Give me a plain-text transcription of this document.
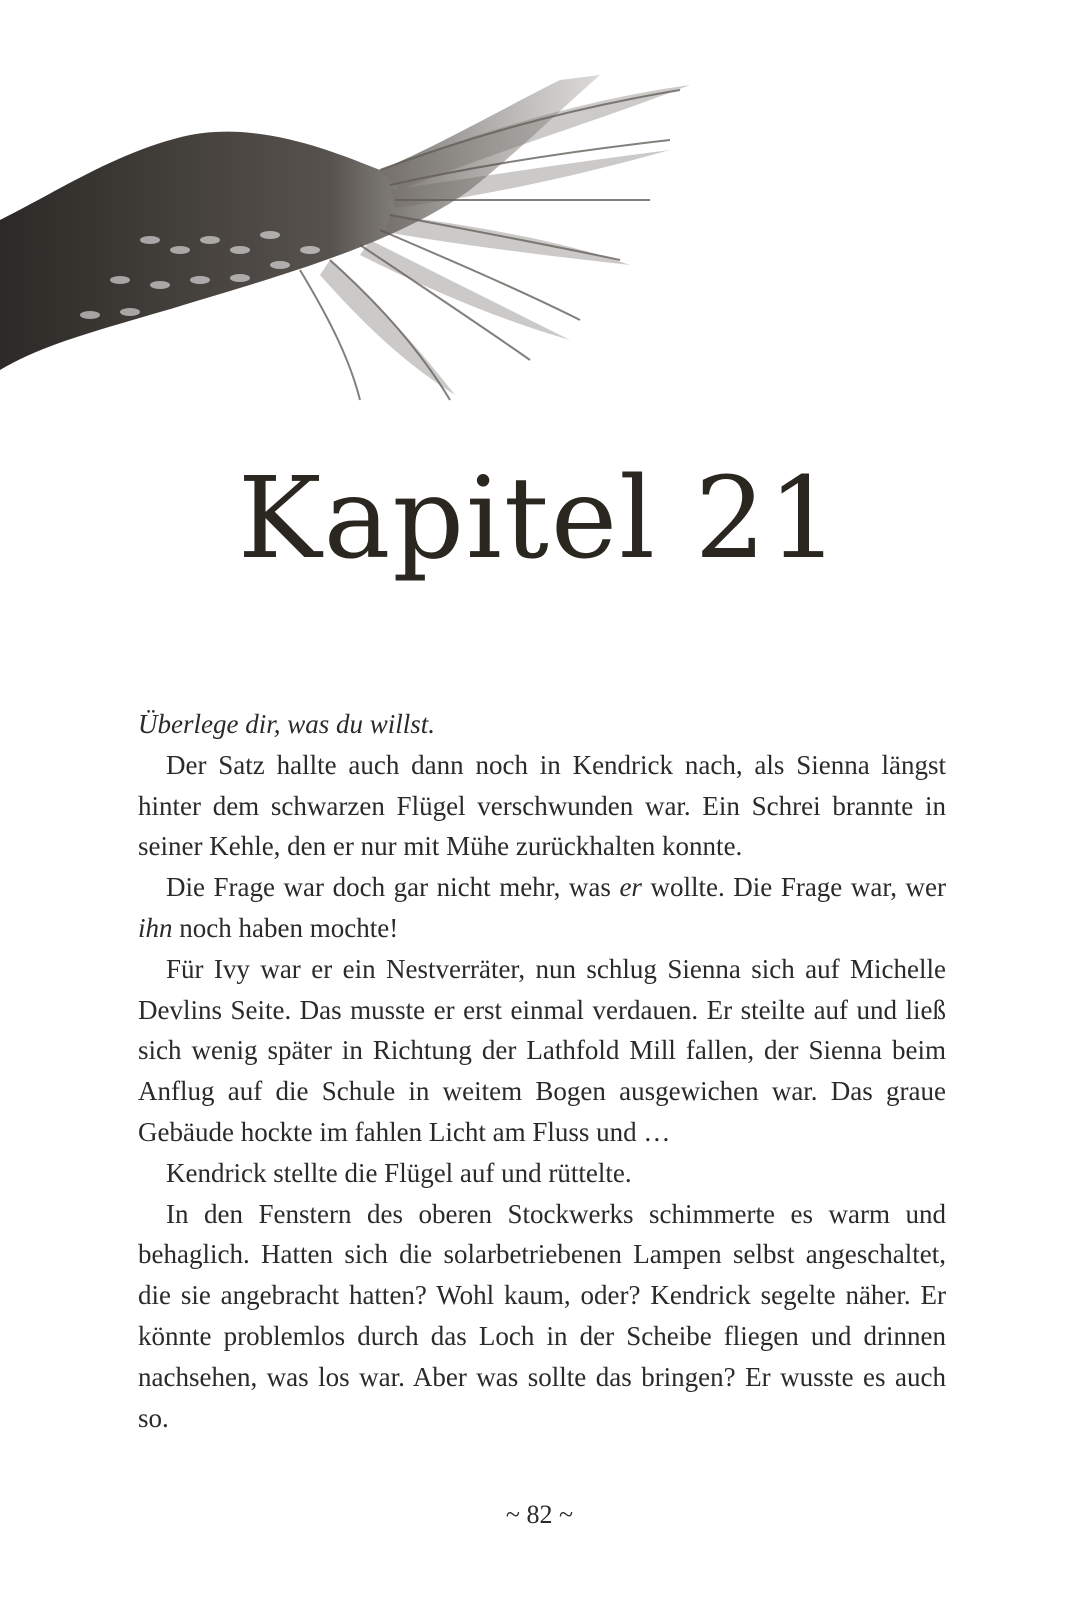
Kapitel 21

Überlege dir, was du willst.

Der Satz hallte auch dann noch in Kendrick nach, als Sienna längst hinter dem schwarzen Flügel verschwunden war. Ein Schrei brannte in seiner Kehle, den er nur mit Mühe zurückhalten konnte.

Die Frage war doch gar nicht mehr, was er wollte. Die Frage war, wer ihn noch haben mochte!

Für Ivy war er ein Nestverräter, nun schlug Sienna sich auf Michelle Devlins Seite. Das musste er erst einmal verdauen. Er steilte auf und ließ sich wenig später in Richtung der Lathfold Mill fallen, der Sienna beim Anflug auf die Schule in weitem Bogen ausgewichen war. Das graue Gebäude hockte im fahlen Licht am Fluss und …

Kendrick stellte die Flügel auf und rüttelte.

In den Fenstern des oberen Stockwerks schimmerte es warm und behaglich. Hatten sich die solarbetriebenen Lampen selbst angeschaltet, die sie angebracht hatten? Wohl kaum, oder? Kendrick segelte näher. Er könnte problemlos durch das Loch in der Scheibe fliegen und drinnen nachsehen, was los war. Aber was sollte das bringen? Er wusste es auch so.

~ 82 ~
